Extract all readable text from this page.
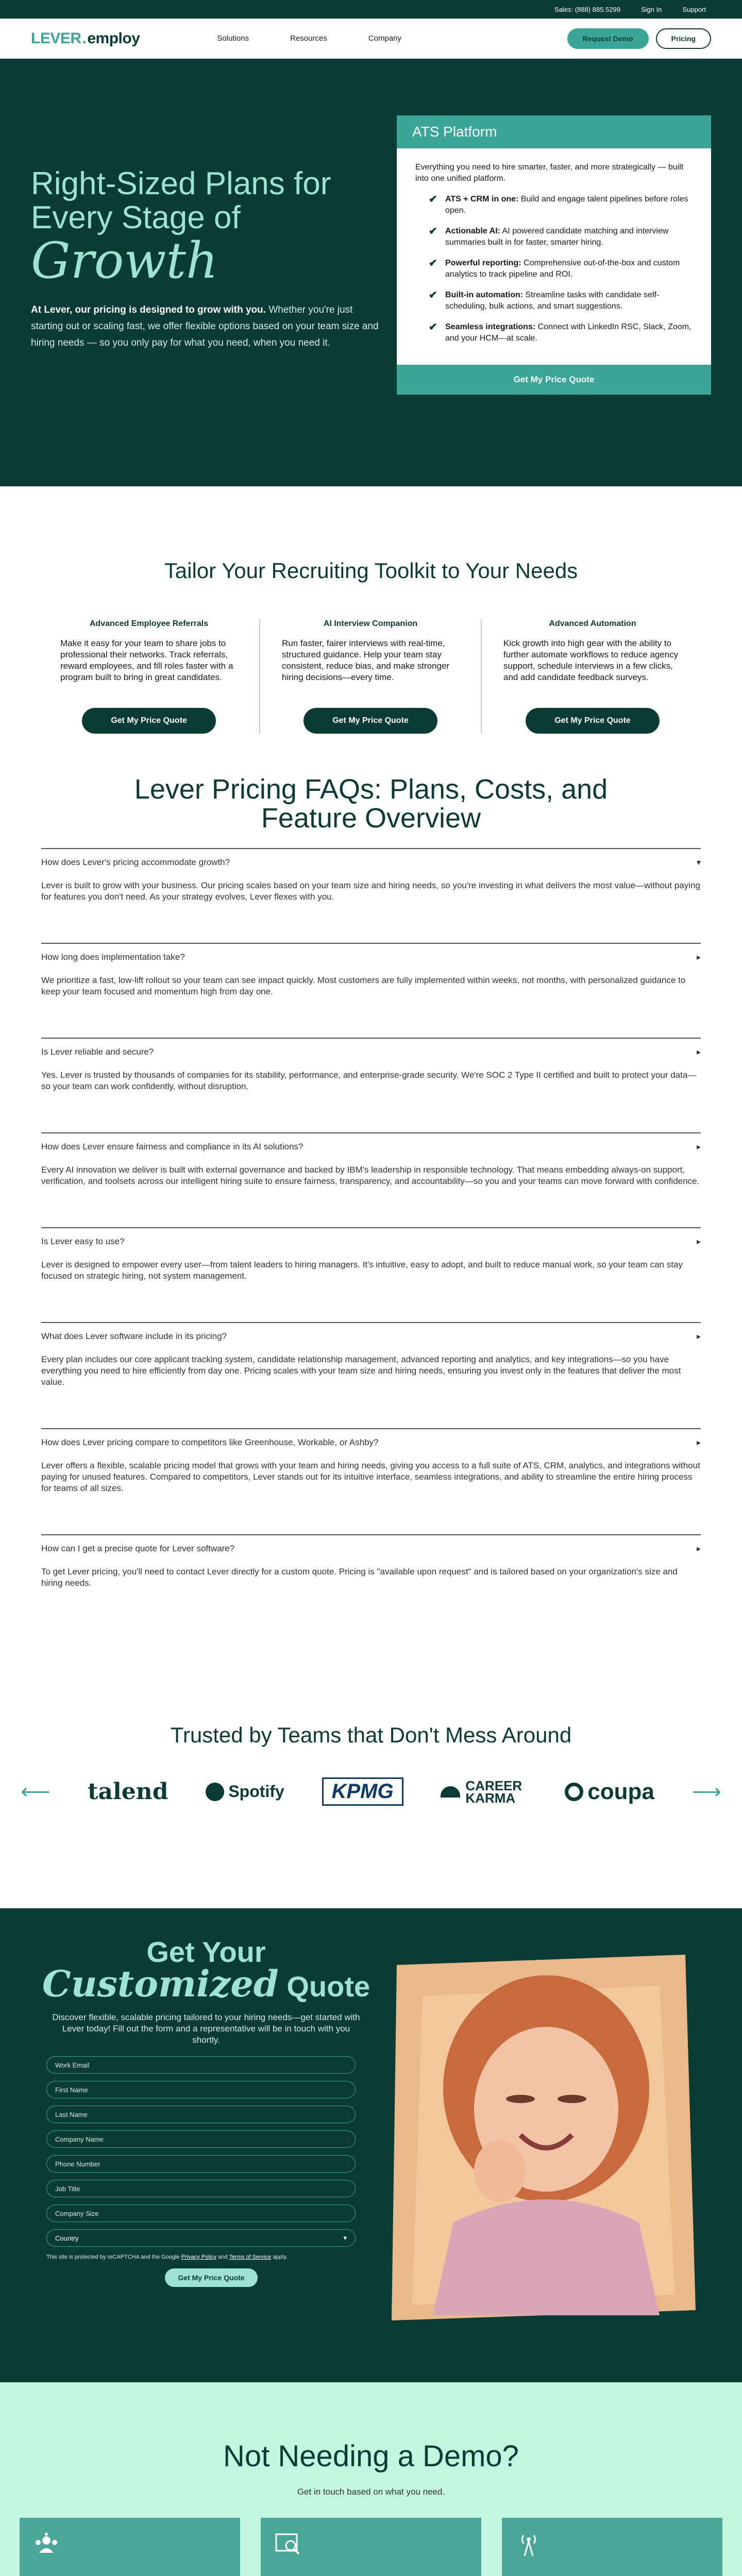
Sales: (888) 885.5299	Sign In	Support
LEVER . employ	Solutions	Resources	Company	Request Demo	Pricing
Right-Sized Plans for Every Stage of
Growth

At Lever, our pricing is designed to grow with you. Whether you're just starting out or scaling fast, we offer flexible options based on your team size and hiring needs — so you only pay for what you need, when you need it.

ATS Platform

Everything you need to hire smarter, faster, and more strategically — built into one unified platform.

✔ ATS + CRM in one: Build and engage talent pipelines before roles open.
✔ Actionable AI: AI powered candidate matching and interview summaries built in for faster, smarter hiring.
✔ Powerful reporting: Comprehensive out-of-the-box and custom analytics to track pipeline and ROI.
✔ Built-in automation: Streamline tasks with candidate self-scheduling, bulk actions, and smart suggestions.
✔ Seamless integrations: Connect with LinkedIn RSC, Slack, Zoom, and your HCM—at scale.
Get My Price Quote
Tailor Your Recruiting Toolkit to Your Needs
Advanced Employee Referrals
Make it easy for your team to share jobs to professional their networks. Track referrals, reward employees, and fill roles faster with a program built to bring in great candidates.
Get My Price Quote
AI Interview Companion
Run faster, fairer interviews with real-time, structured guidance. Help your team stay consistent, reduce bias, and make stronger hiring decisions—every time.
Get My Price Quote
Advanced Automation
Kick growth into high gear with the ability to further automate workflows to reduce agency support, schedule interviews in a few clicks, and add candidate feedback surveys.
Get My Price Quote
Lever Pricing FAQs: Plans, Costs, and Feature Overview
How does Lever's pricing accommodate growth?	▾

Lever is built to grow with your business. Our pricing scales based on your team size and hiring needs, so you're investing in what delivers the most value—without paying for features you don't need. As your strategy evolves, Lever flexes with you.

How long does implementation take?	▸

We prioritize a fast, low-lift rollout so your team can see impact quickly. Most customers are fully implemented within weeks, not months, with personalized guidance to keep your team focused and momentum high from day one.

Is Lever reliable and secure?	▸

Yes. Lever is trusted by thousands of companies for its stability, performance, and enterprise-grade security. We're SOC 2 Type II certified and built to protect your data—so your team can work confidently, without disruption.

How does Lever ensure fairness and compliance in its AI solutions?	▸

Every AI innovation we deliver is built with external governance and backed by IBM's leadership in responsible technology. That means embedding always-on support, verification, and toolsets across our intelligent hiring suite to ensure fairness, transparency, and accountability—so you and your teams can move forward with confidence.

Is Lever easy to use?	▸

Lever is designed to empower every user—from talent leaders to hiring managers. It's intuitive, easy to adopt, and built to reduce manual work, so your team can stay focused on strategic hiring, not system management.

What does Lever software include in its pricing?	▸

Every plan includes our core applicant tracking system, candidate relationship management, advanced reporting and analytics, and key integrations—so you have everything you need to hire efficiently from day one. Pricing scales with your team size and hiring needs, ensuring you invest only in the features that deliver the most value.

How does Lever pricing compare to competitors like Greenhouse, Workable, or Ashby?	▸

Lever offers a flexible, scalable pricing model that grows with your team and hiring needs, giving you access to a full suite of ATS, CRM, analytics, and integrations without paying for unused features. Compared to competitors, Lever stands out for its intuitive interface, seamless integrations, and ability to streamline the entire hiring process for teams of all sizes.

How can I get a precise quote for Lever software?	▸

To get Lever pricing, you'll need to contact Lever directly for a custom quote. Pricing is "available upon request" and is tailored based on your organization's size and hiring needs.

Trusted by Teams that Don't Mess Around
⟵ talend	Spotify	KPMG	CAREER KARMA	coupa ⟶
Get Your
Customized Quote

Discover flexible, scalable pricing tailored to your hiring needs—get started with Lever today! Fill out the form and a representative will be in touch with you shortly.

Work Email
First Name
Last Name
Company Name
Phone Number
Job Title
Company Size
Country	▾

This site is protected by reCAPTCHA and the Google Privacy Policy and Terms of Service apply.

Get My Price Quote
Not Needing a Demo?

Get in touch based on what you need.
